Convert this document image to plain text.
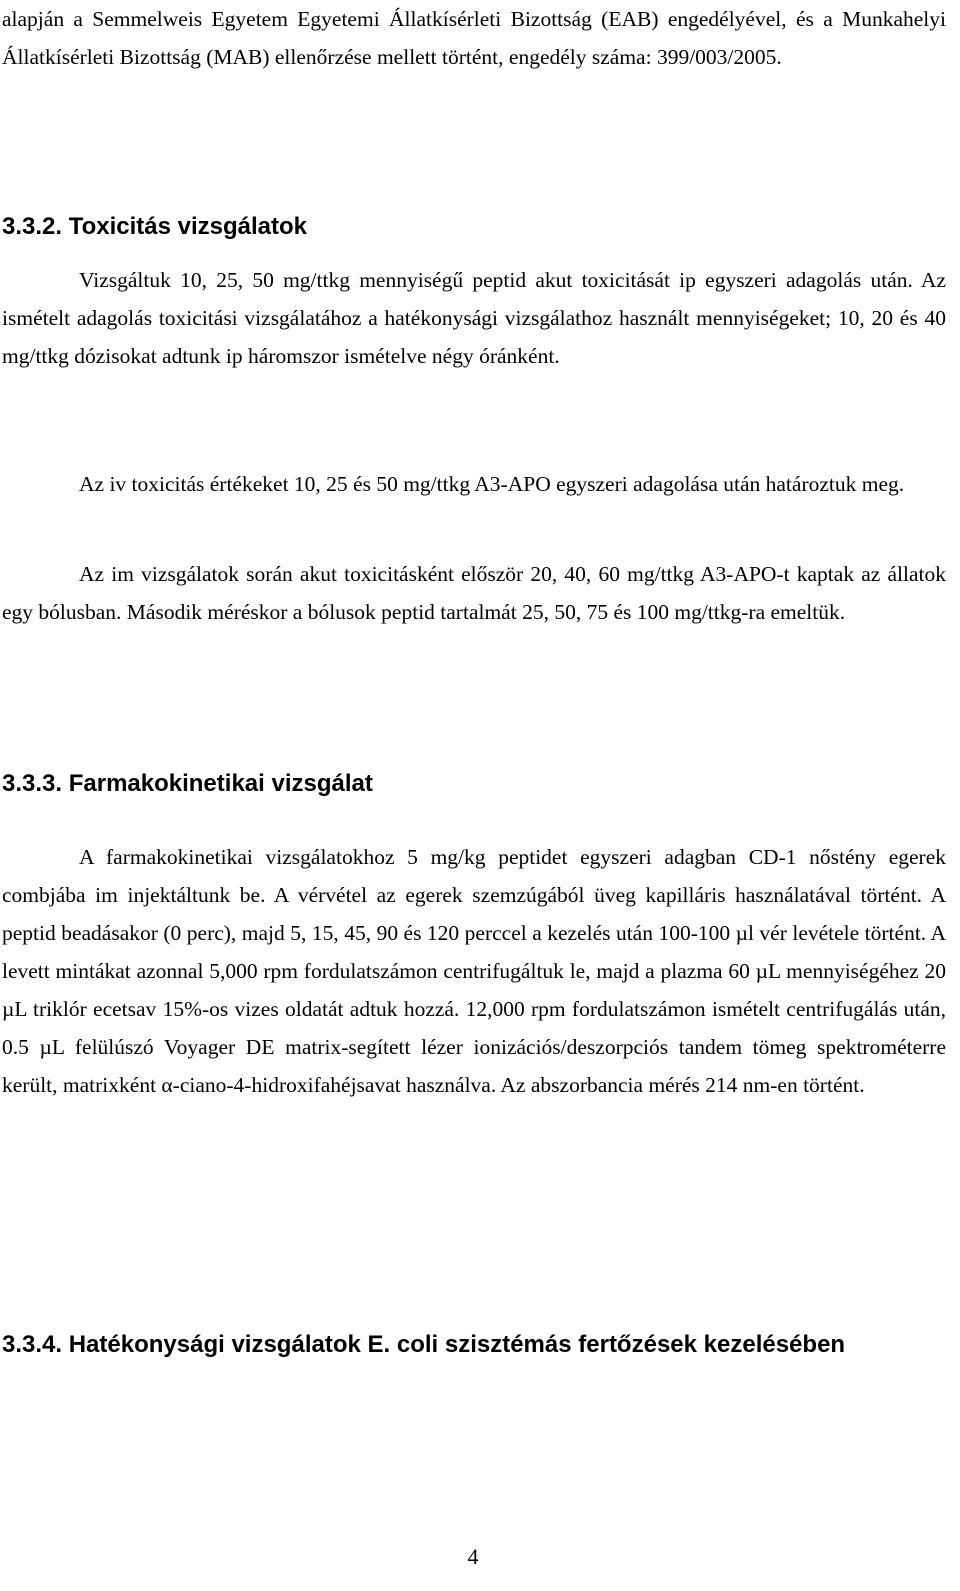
alapján a Semmelweis Egyetem Egyetemi Állatkísérleti Bizottság (EAB) engedélyével, és a Munkahelyi Állatkísérleti Bizottság (MAB) ellenőrzése mellett történt, engedély száma: 399/003/2005.

3.3.2. Toxicitás vizsgálatok

Vizsgáltuk 10, 25, 50 mg/ttkg mennyiségű peptid akut toxicitását ip egyszeri adagolás után. Az ismételt adagolás toxicitási vizsgálatához a hatékonysági vizsgálathoz használt mennyiségeket; 10, 20 és 40 mg/ttkg dózisokat adtunk ip háromszor ismételve négy óránként.

Az iv toxicitás értékeket 10, 25 és 50 mg/ttkg A3-APO egyszeri adagolása után határoztuk meg.

Az im vizsgálatok során akut toxicitásként először 20, 40, 60 mg/ttkg A3-APO-t kaptak az állatok egy bólusban. Második méréskor a bólusok peptid tartalmát 25, 50, 75 és 100 mg/ttkg-ra emeltük.

3.3.3. Farmakokinetikai vizsgálat

A farmakokinetikai vizsgálatokhoz 5 mg/kg peptidet egyszeri adagban CD-1 nőstény egerek combjába im injektáltunk be. A vérvétel az egerek szemzúgából üveg kapilláris használatával történt. A peptid beadásakor (0 perc), majd 5, 15, 45, 90 és 120 perccel a kezelés után 100-100 µl vér levétele történt. A levett mintákat azonnal 5,000 rpm fordulatszámon centrifugáltuk le, majd a plazma 60 µL mennyiségéhez 20 µL triklór ecetsav 15%-os vizes oldatát adtuk hozzá. 12,000 rpm fordulatszámon ismételt centrifugálás után, 0.5 µL felülúszó Voyager DE matrix-segített lézer ionizációs/deszorpciós tandem tömeg spektrométerre került, matrixként α-ciano-4-hidroxifahéjsavat használva. Az abszorbancia mérés 214 nm-en történt.

3.3.4. Hatékonysági vizsgálatok E. coli szisztémás fertőzések kezelésében

4
